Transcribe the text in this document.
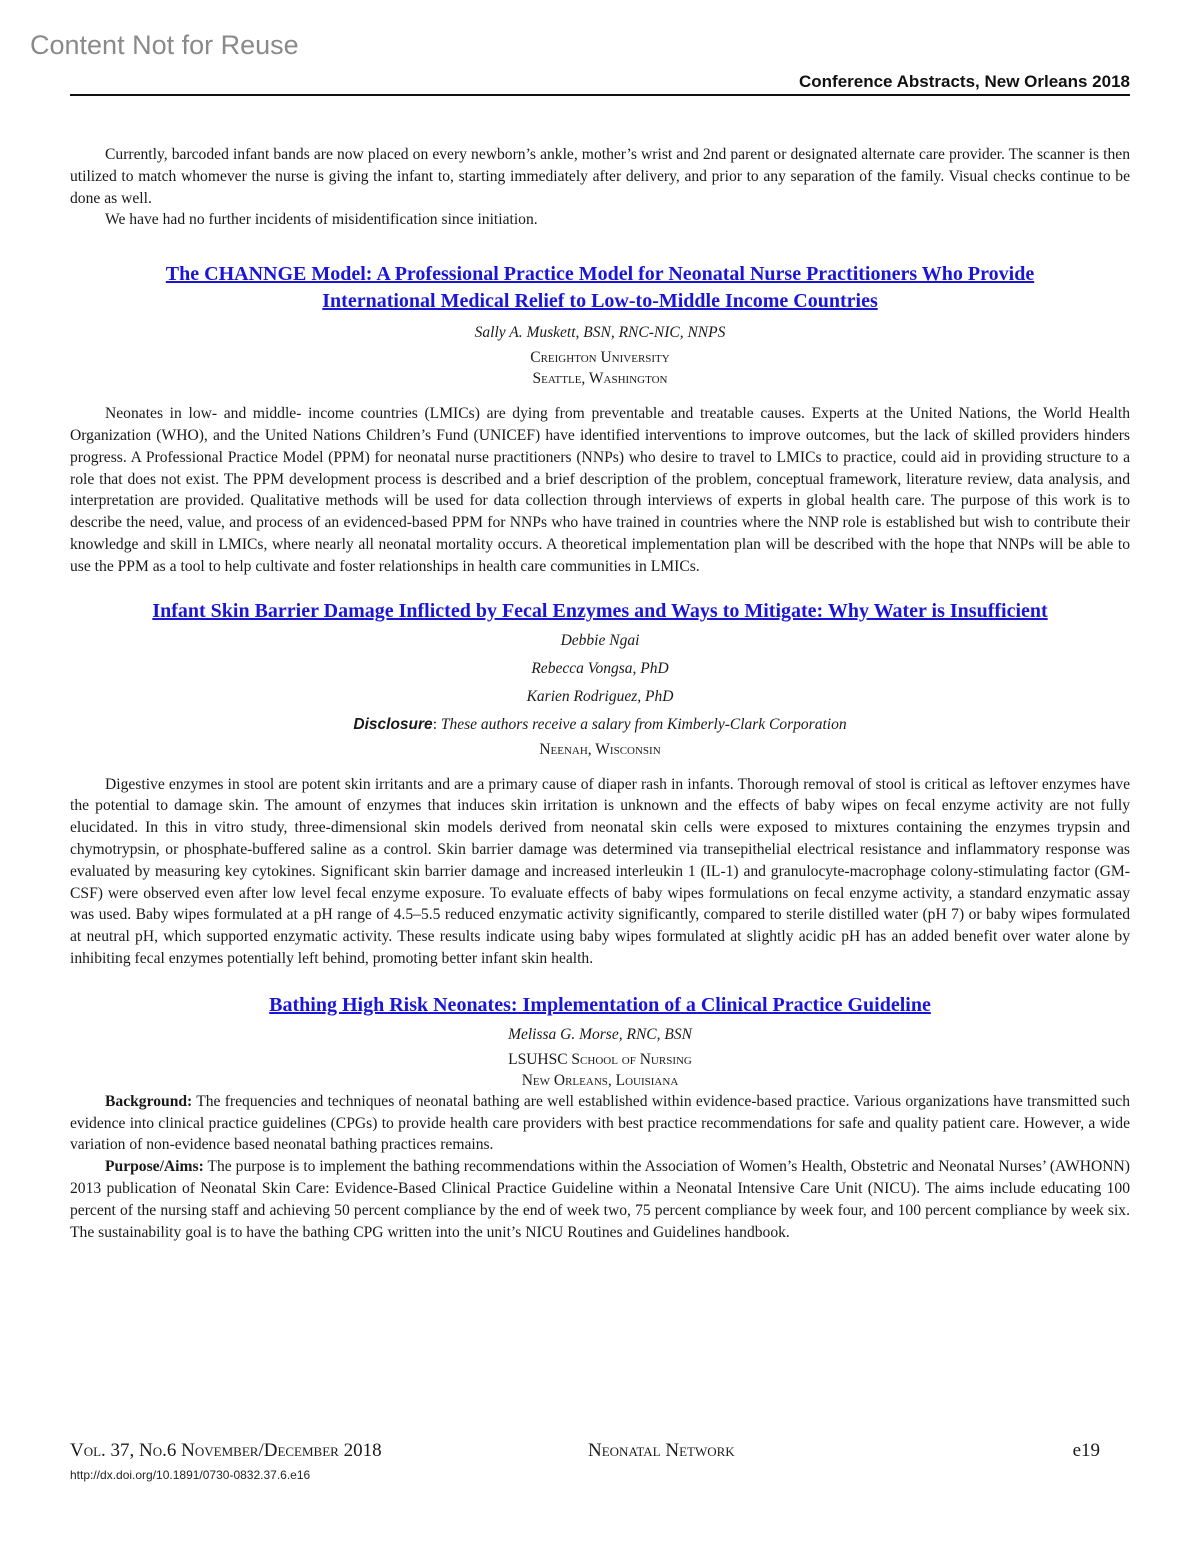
Content Not for Reuse
Conference Abstracts, New Orleans 2018

Currently, barcoded infant bands are now placed on every newborn’s ankle, mother’s wrist and 2nd parent or designated alternate care provider. The scanner is then utilized to match whomever the nurse is giving the infant to, starting immediately after delivery, and prior to any separation of the family. Visual checks continue to be done as well.

We have had no further incidents of misidentification since initiation.

The CHANNGE Model: A Professional Practice Model for Neonatal Nurse Practitioners Who Provide
International Medical Relief to Low-to-Middle Income Countries
Sally A. Muskett, BSN, RNC-NIC, NNPS
Creighton University
Seattle, Washington

Neonates in low- and middle- income countries (LMICs) are dying from preventable and treatable causes. Experts at the United Nations, the World Health Organization (WHO), and the United Nations Children’s Fund (UNICEF) have identified interventions to improve outcomes, but the lack of skilled providers hinders progress. A Professional Practice Model (PPM) for neonatal nurse practitioners (NNPs) who desire to travel to LMICs to practice, could aid in providing structure to a role that does not exist. The PPM development process is described and a brief description of the problem, conceptual framework, literature review, data analysis, and interpretation are provided. Qualitative methods will be used for data collection through interviews of experts in global health care. The purpose of this work is to describe the need, value, and process of an evidenced-based PPM for NNPs who have trained in countries where the NNP role is established but wish to contribute their knowledge and skill in LMICs, where nearly all neonatal mortality occurs. A theoretical implementation plan will be described with the hope that NNPs will be able to use the PPM as a tool to help cultivate and foster relationships in health care communities in LMICs.

Infant Skin Barrier Damage Inflicted by Fecal Enzymes and Ways to Mitigate: Why Water is Insufficient
Debbie Ngai
Rebecca Vongsa, PhD
Karien Rodriguez, PhD
Disclosure: These authors receive a salary from Kimberly-Clark Corporation
Neenah, Wisconsin

Digestive enzymes in stool are potent skin irritants and are a primary cause of diaper rash in infants. Thorough removal of stool is critical as leftover enzymes have the potential to damage skin. The amount of enzymes that induces skin irritation is unknown and the effects of baby wipes on fecal enzyme activity are not fully elucidated. In this in vitro study, three-dimensional skin models derived from neonatal skin cells were exposed to mixtures containing the enzymes trypsin and chymotrypsin, or phosphate-buffered saline as a control. Skin barrier damage was determined via transepithelial electrical resistance and inflammatory response was evaluated by measuring key cytokines. Significant skin barrier damage and increased interleukin 1 (IL-1) and granulocyte-macrophage colony-stimulating factor (GM-CSF) were observed even after low level fecal enzyme exposure. To evaluate effects of baby wipes formulations on fecal enzyme activity, a standard enzymatic assay was used. Baby wipes formulated at a pH range of 4.5–5.5 reduced enzymatic activity significantly, compared to sterile distilled water (pH 7) or baby wipes formulated at neutral pH, which supported enzymatic activity. These results indicate using baby wipes formulated at slightly acidic pH has an added benefit over water alone by inhibiting fecal enzymes potentially left behind, promoting better infant skin health.

Bathing High Risk Neonates: Implementation of a Clinical Practice Guideline
Melissa G. Morse, RNC, BSN
LSUHSC School of Nursing
New Orleans, Louisiana

Background: The frequencies and techniques of neonatal bathing are well established within evidence-based practice. Various organizations have transmitted such evidence into clinical practice guidelines (CPGs) to provide health care providers with best practice recommendations for safe and quality patient care. However, a wide variation of non-evidence based neonatal bathing practices remains.

Purpose/Aims: The purpose is to implement the bathing recommendations within the Association of Women’s Health, Obstetric and Neonatal Nurses’ (AWHONN) 2013 publication of Neonatal Skin Care: Evidence-Based Clinical Practice Guideline within a Neonatal Intensive Care Unit (NICU). The aims include educating 100 percent of the nursing staff and achieving 50 percent compliance by the end of week two, 75 percent compliance by week four, and 100 percent compliance by week six. The sustainability goal is to have the bathing CPG written into the unit’s NICU Routines and Guidelines handbook.

Vol. 37, No.6 November/December 2018	Neonatal Network	e19
http://dx.doi.org/10.1891/0730-0832.37.6.e16
